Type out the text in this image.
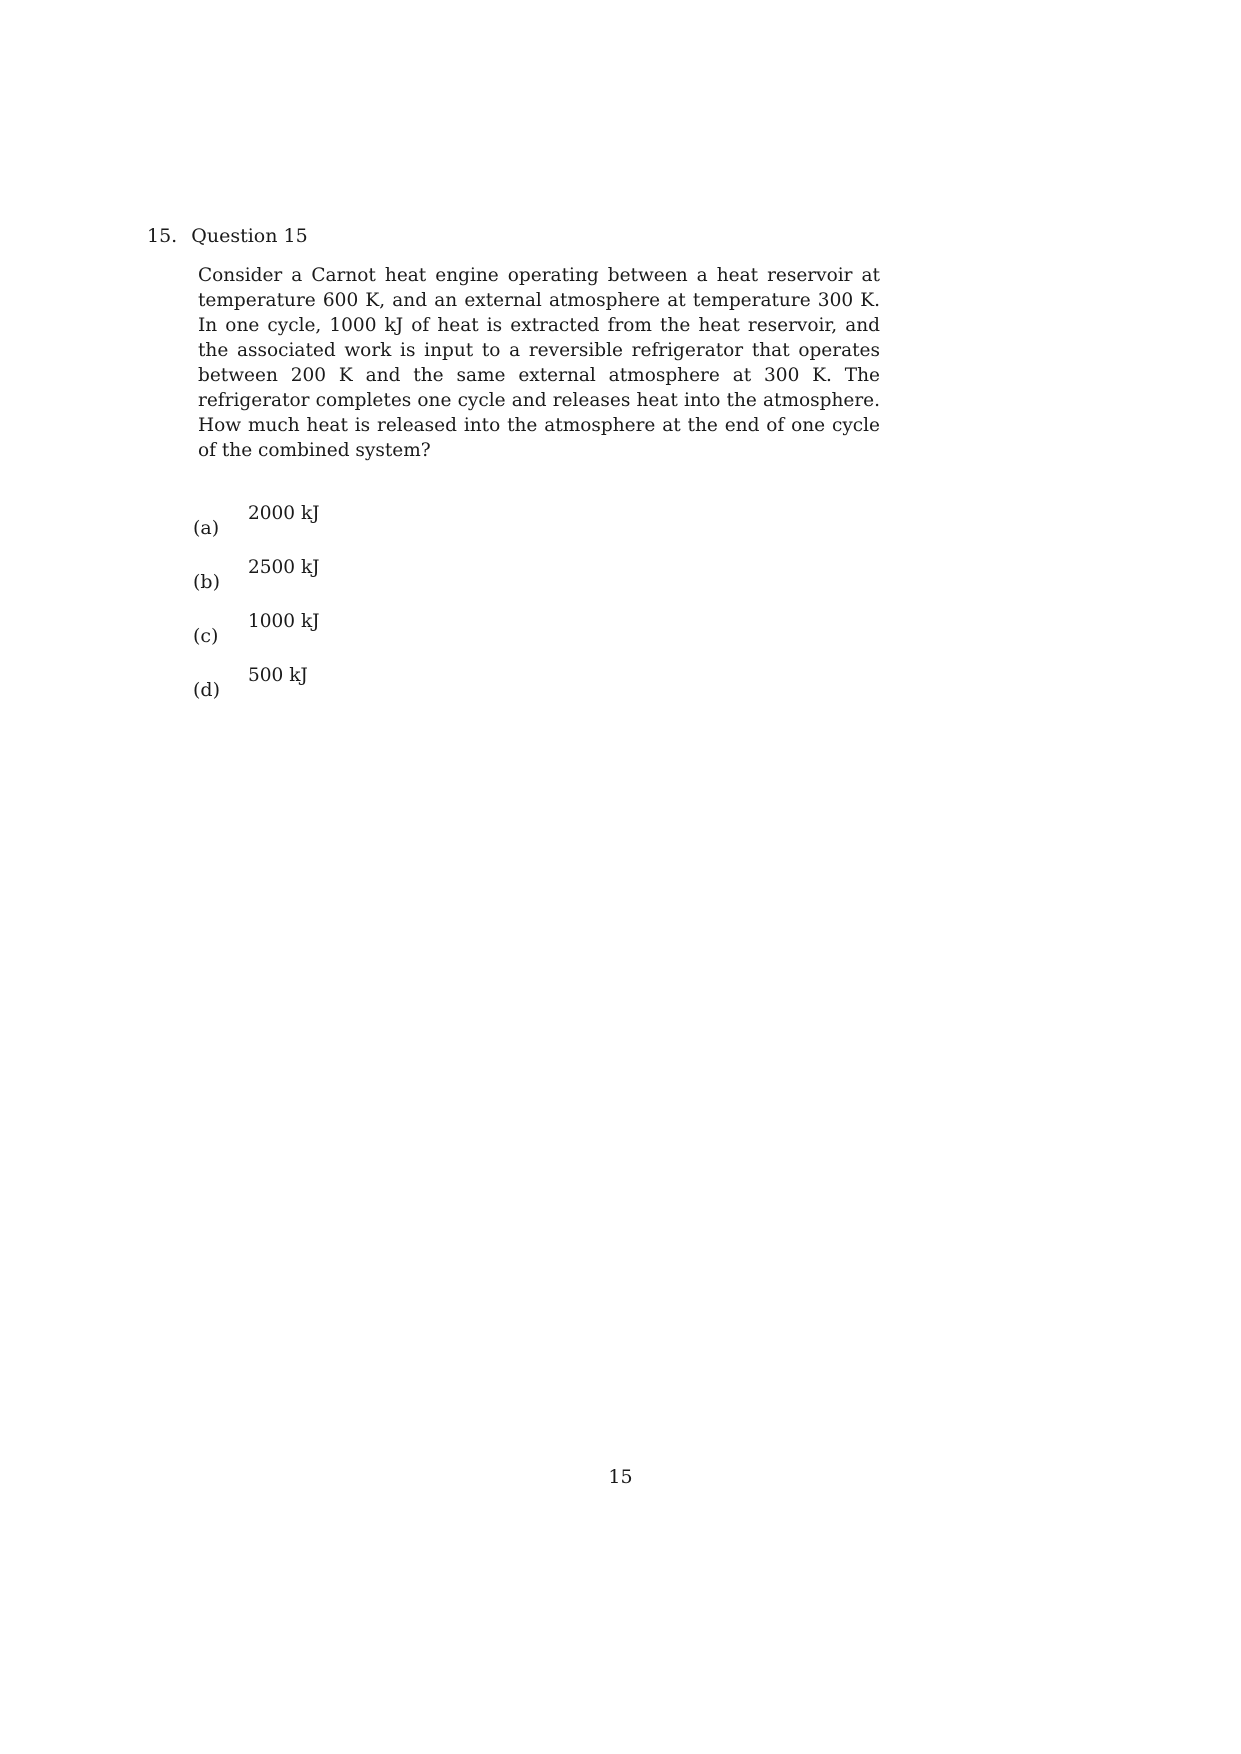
15. Question 15
Consider a Carnot heat engine operating between a heat reservoir at temperature 600 K, and an external atmosphere at temperature 300 K. In one cycle, 1000 kJ of heat is extracted from the heat reservoir, and the associated work is input to a reversible refrigerator that operates between 200 K and the same external atmosphere at 300 K. The refrigerator completes one cycle and releases heat into the atmosphere. How much heat is released into the atmosphere at the end of one cycle of the combined system?
(a)
2000 kJ
(b)
2500 kJ
(c)
1000 kJ
(d)
500 kJ
15
